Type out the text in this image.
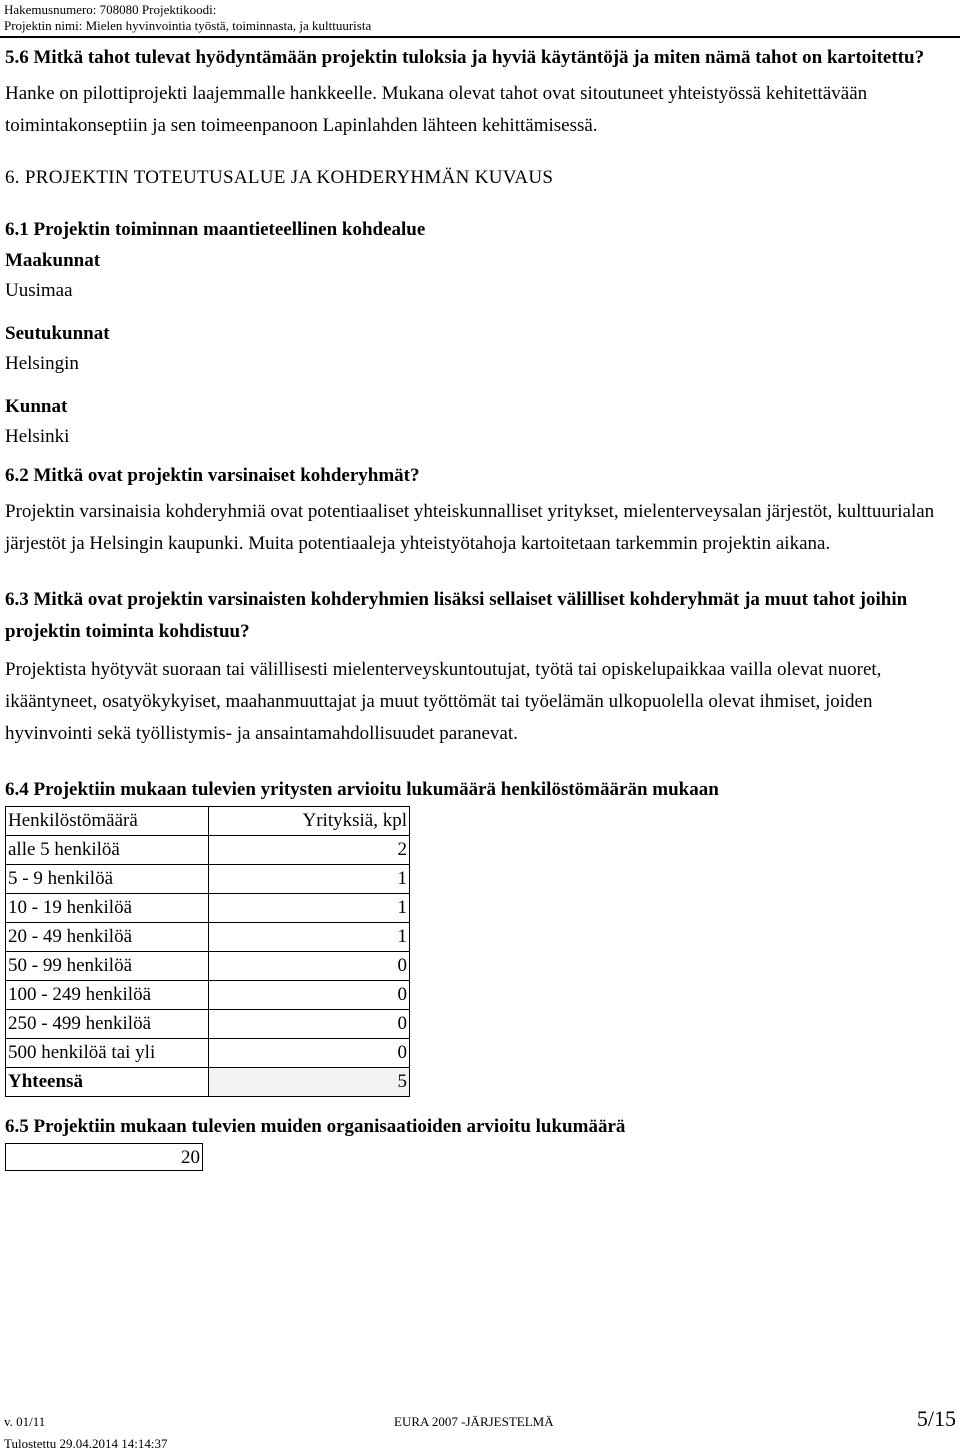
Hakemusnumero: 708080 Projektikoodi:
Projektin nimi: Mielen hyvinvointia työstä, toiminnasta, ja kulttuurista

5.6 Mitkä tahot tulevat hyödyntämään projektin tuloksia ja hyviä käytäntöjä ja miten nämä tahot on kartoitettu?

Hanke on pilottiprojekti laajemmalle hankkeelle. Mukana olevat tahot ovat sitoutuneet yhteistyössä kehitettävään toimintakonseptiin ja sen toimeenpanoon Lapinlahden lähteen kehittämisessä.

6. PROJEKTIN TOTEUTUSALUE JA KOHDERYHMÄN KUVAUS

6.1 Projektin toiminnan maantieteellinen kohdealue

Maakunnat

Uusimaa

Seutukunnat

Helsingin

Kunnat

Helsinki

6.2 Mitkä ovat projektin varsinaiset kohderyhmät?

Projektin varsinaisia kohderyhmiä ovat potentiaaliset yhteiskunnalliset yritykset, mielenterveysalan järjestöt, kulttuurialan järjestöt ja Helsingin kaupunki. Muita potentiaaleja yhteistyötahoja kartoitetaan tarkemmin projektin aikana.

6.3 Mitkä ovat projektin varsinaisten kohderyhmien lisäksi sellaiset välilliset kohderyhmät ja muut tahot joihin projektin toiminta kohdistuu?

Projektista hyötyvät suoraan tai välillisesti mielenterveyskuntoutujat, työtä tai opiskelupaikkaa vailla olevat nuoret, ikääntyneet, osatyökykyiset, maahanmuuttajat ja muut työttömät tai työelämän ulkopuolella olevat ihmiset, joiden hyvinvointi sekä työllistymis- ja ansaintamahdollisuudet paranevat.

6.4 Projektiin mukaan tulevien yritysten arvioitu lukumäärä henkilöstömäärän mukaan

Henkilöstömäärä	Yrityksiä, kpl
alle 5 henkilöä	2
5 - 9 henkilöä	1
10 - 19 henkilöä	1
20 - 49 henkilöä	1
50 - 99 henkilöä	0
100 - 249 henkilöä	0
250 - 499 henkilöä	0
500 henkilöä tai yli	0
Yhteensä	5

6.5 Projektiin mukaan tulevien muiden organisaatioiden arvioitu lukumäärä

20
v. 01/11	EURA 2007 -JÄRJESTELMÄ	5/15
Tulostettu 29.04.2014 14:14:37
